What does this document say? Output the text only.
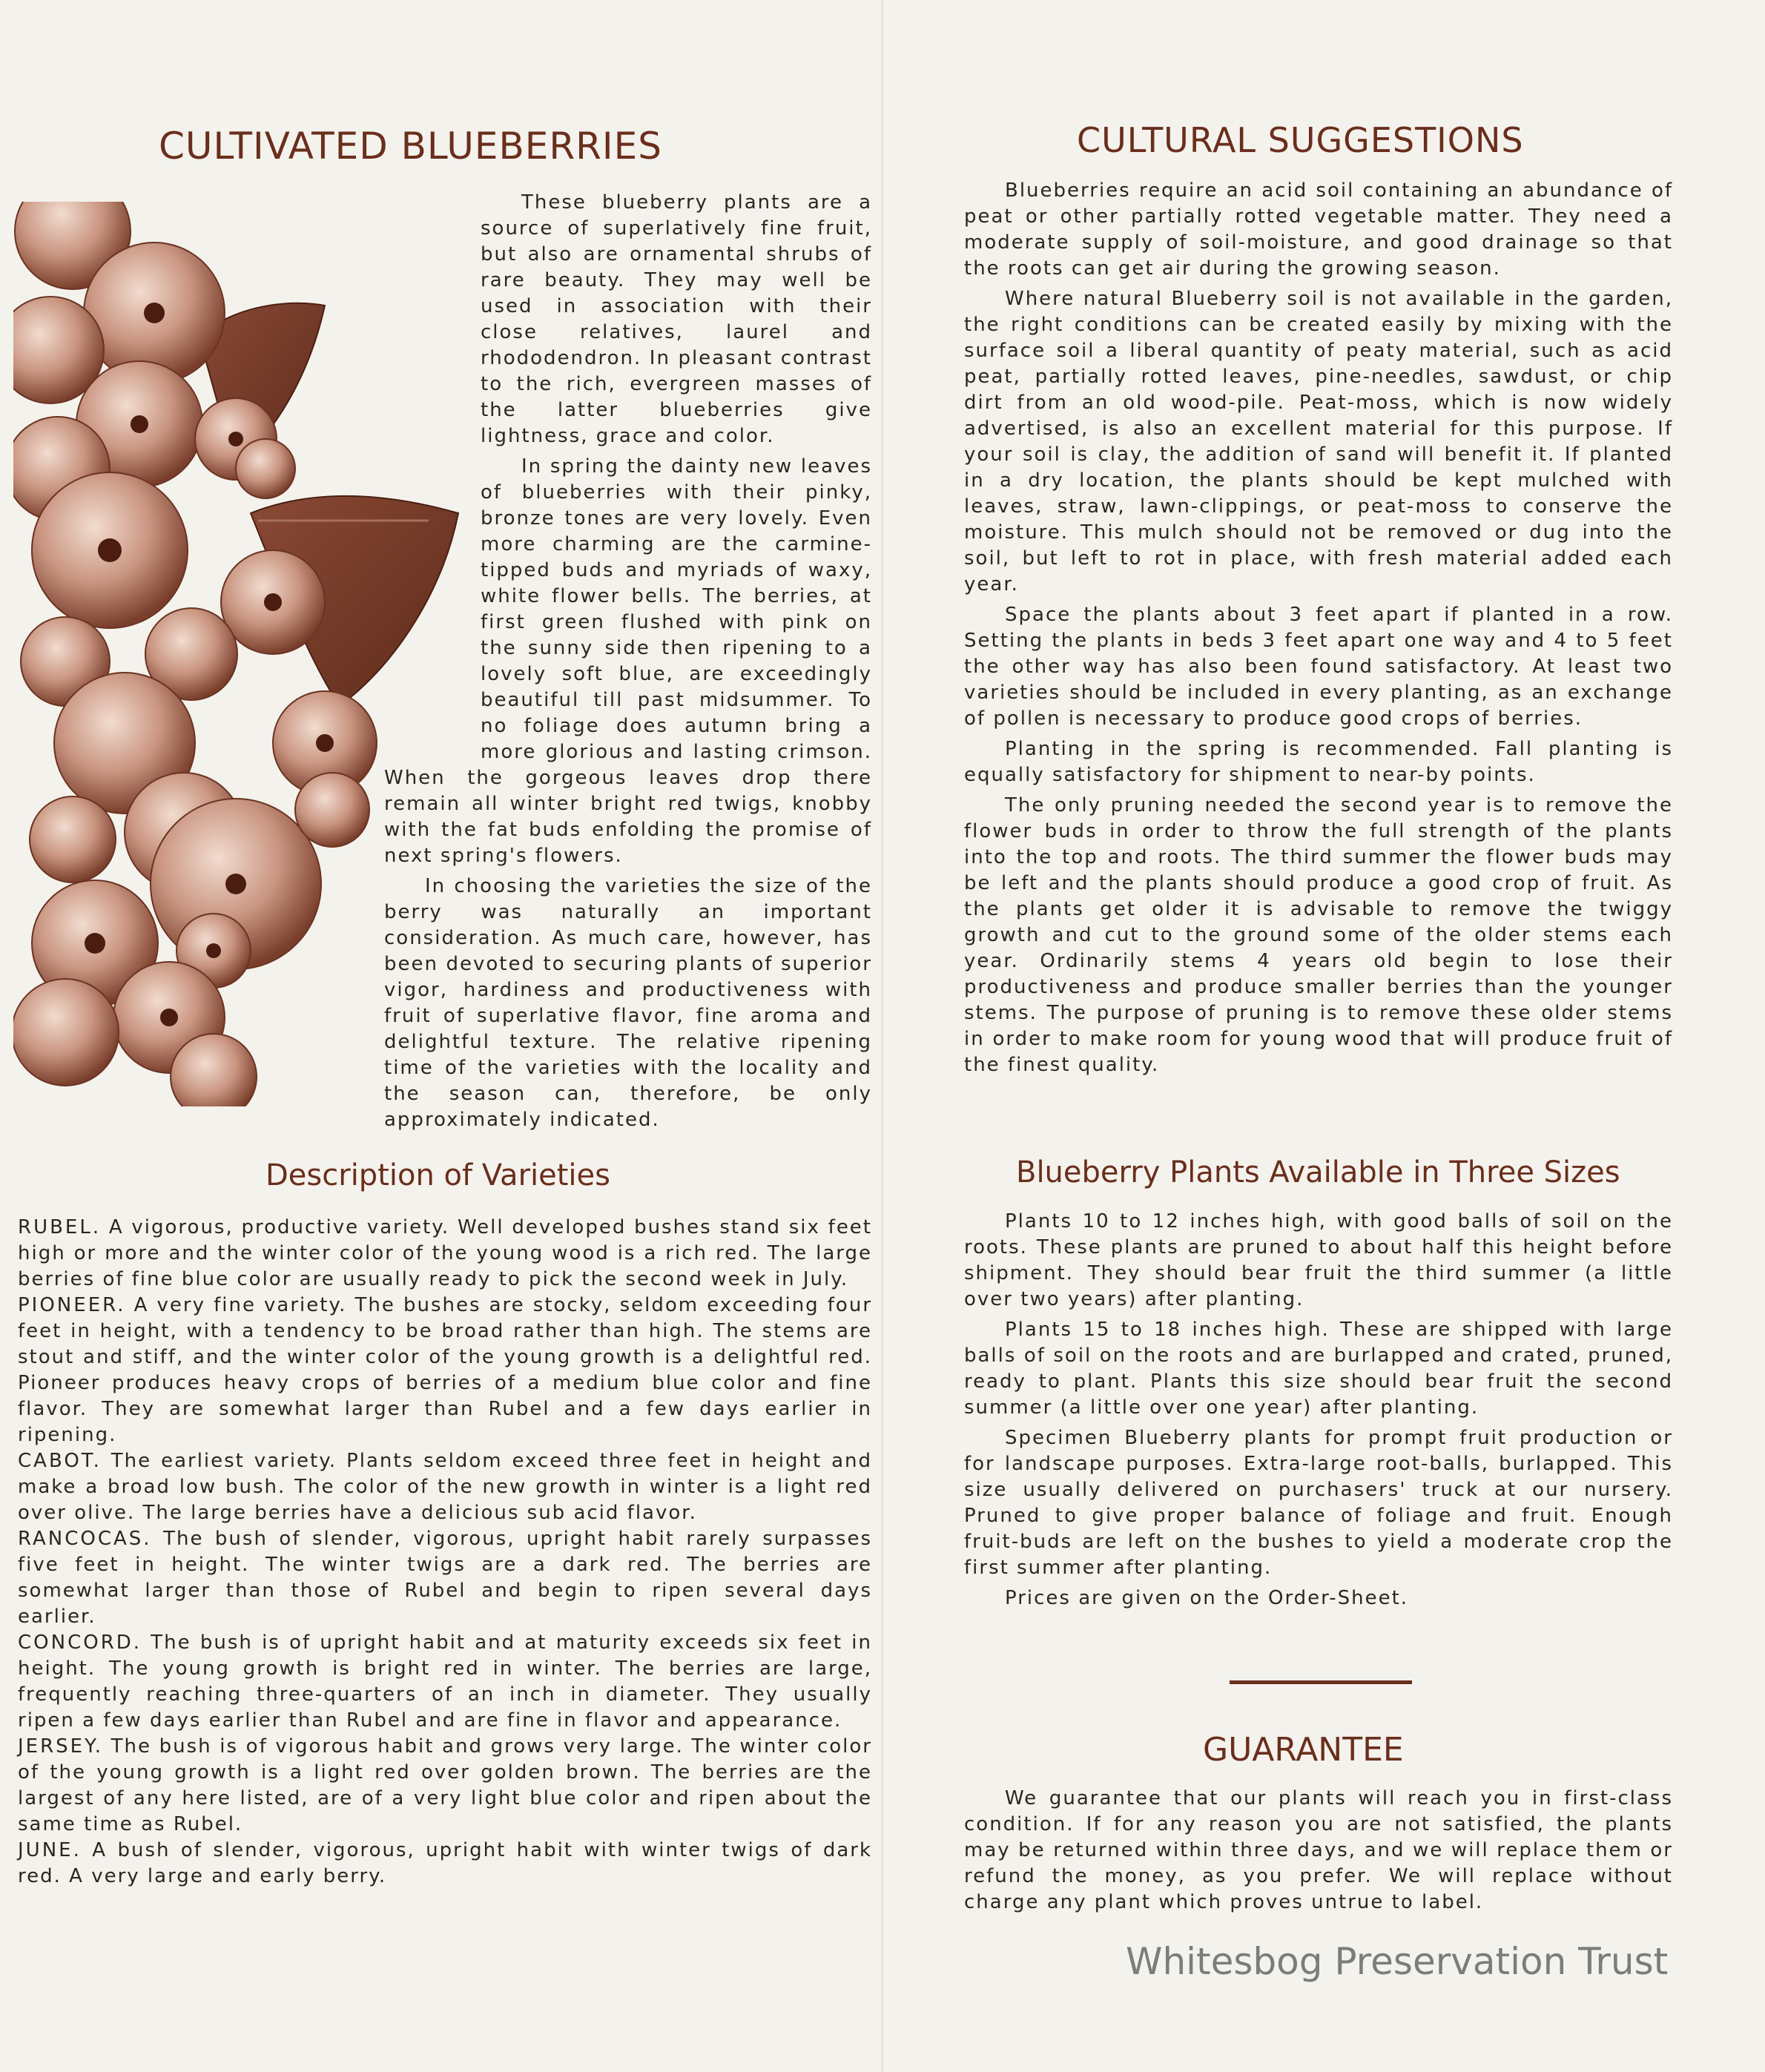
CULTIVATED BLUEBERRIES

These blueberry plants are a source of superlatively fine fruit, but also are ornamental shrubs of rare beauty. They may well be used in association with their close relatives, laurel and rhododendron. In pleasant contrast to the rich, evergreen masses of the latter blueberries give lightness, grace and color.

In spring the dainty new leaves of blueberries with their pinky, bronze tones are very lovely. Even more charming are the carmine-tipped buds and myriads of waxy, white flower bells. The berries, at first green flushed with pink on the sunny side then ripening to a lovely soft blue, are exceedingly beautiful till past midsummer. To no foliage does autumn bring a more glorious and lasting crimson. When the gorgeous leaves drop there remain all winter bright red twigs, knobby with the fat buds enfolding the promise of next spring's flowers.

In choosing the varieties the size of the berry was naturally an important consideration. As much care, however, has been devoted to securing plants of superior vigor, hardiness and productiveness with fruit of superlative flavor, fine aroma and delightful texture. The relative ripening time of the varieties with the locality and the season can, therefore, be only approximately indicated.

Description of Varieties

RUBEL. A vigorous, productive variety. Well developed bushes stand six feet high or more and the winter color of the young wood is a rich red. The large berries of fine blue color are usually ready to pick the second week in July.

PIONEER. A very fine variety. The bushes are stocky, seldom exceeding four feet in height, with a tendency to be broad rather than high. The stems are stout and stiff, and the winter color of the young growth is a delightful red. Pioneer produces heavy crops of berries of a medium blue color and fine flavor. They are somewhat larger than Rubel and a few days earlier in ripening.

CABOT. The earliest variety. Plants seldom exceed three feet in height and make a broad low bush. The color of the new growth in winter is a light red over olive. The large berries have a delicious sub acid flavor.

RANCOCAS. The bush of slender, vigorous, upright habit rarely surpasses five feet in height. The winter twigs are a dark red. The berries are somewhat larger than those of Rubel and begin to ripen several days earlier.

CONCORD. The bush is of upright habit and at maturity exceeds six feet in height. The young growth is bright red in winter. The berries are large, frequently reaching three-quarters of an inch in diameter. They usually ripen a few days earlier than Rubel and are fine in flavor and appearance.

JERSEY. The bush is of vigorous habit and grows very large. The winter color of the young growth is a light red over golden brown. The berries are the largest of any here listed, are of a very light blue color and ripen about the same time as Rubel.

JUNE. A bush of slender, vigorous, upright habit with winter twigs of dark red. A very large and early berry.

CULTURAL SUGGESTIONS

Blueberries require an acid soil containing an abundance of peat or other partially rotted vegetable matter. They need a moderate supply of soil-moisture, and good drainage so that the roots can get air during the growing season.

Where natural Blueberry soil is not available in the garden, the right conditions can be created easily by mixing with the surface soil a liberal quantity of peaty material, such as acid peat, partially rotted leaves, pine-needles, sawdust, or chip dirt from an old wood-pile. Peat-moss, which is now widely advertised, is also an excellent material for this purpose. If your soil is clay, the addition of sand will benefit it. If planted in a dry location, the plants should be kept mulched with leaves, straw, lawn-clippings, or peat-moss to conserve the moisture. This mulch should not be removed or dug into the soil, but left to rot in place, with fresh material added each year.

Space the plants about 3 feet apart if planted in a row. Setting the plants in beds 3 feet apart one way and 4 to 5 feet the other way has also been found satisfactory. At least two varieties should be included in every planting, as an exchange of pollen is necessary to produce good crops of berries.

Planting in the spring is recommended. Fall planting is equally satisfactory for shipment to near-by points.

The only pruning needed the second year is to remove the flower buds in order to throw the full strength of the plants into the top and roots. The third summer the flower buds may be left and the plants should produce a good crop of fruit. As the plants get older it is advisable to remove the twiggy growth and cut to the ground some of the older stems each year. Ordinarily stems 4 years old begin to lose their productiveness and produce smaller berries than the younger stems. The purpose of pruning is to remove these older stems in order to make room for young wood that will produce fruit of the finest quality.

Blueberry Plants Available in Three Sizes

Plants 10 to 12 inches high, with good balls of soil on the roots. These plants are pruned to about half this height before shipment. They should bear fruit the third summer (a little over two years) after planting.

Plants 15 to 18 inches high. These are shipped with large balls of soil on the roots and are burlapped and crated, pruned, ready to plant. Plants this size should bear fruit the second summer (a little over one year) after planting.

Specimen Blueberry plants for prompt fruit production or for landscape purposes. Extra-large root-balls, burlapped. This size usually delivered on purchasers' truck at our nursery. Pruned to give proper balance of foliage and fruit. Enough fruit-buds are left on the bushes to yield a moderate crop the first summer after planting.

Prices are given on the Order-Sheet.

GUARANTEE

We guarantee that our plants will reach you in first-class condition. If for any reason you are not satisfied, the plants may be returned within three days, and we will replace them or refund the money, as you prefer. We will replace without charge any plant which proves untrue to label.

Whitesbog Preservation Trust
